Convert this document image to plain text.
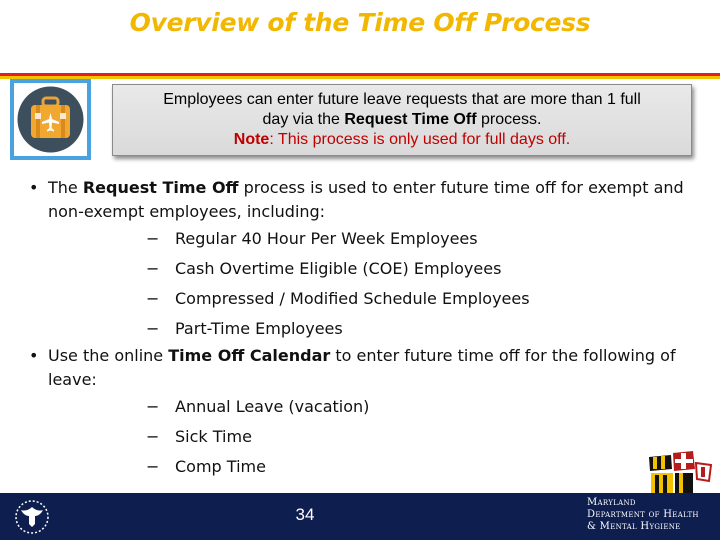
Overview of the Time Off Process
Employees can enter future leave requests that are more than 1 full
day via the Request Time Off process.
Note: This process is only used for full days off.
• The Request Time Off process is used to enter future time off for exempt and
non-exempt employees, including:
− Regular 40 Hour Per Week Employees
− Cash Overtime Eligible (COE) Employees
− Compressed / Modified Schedule Employees
− Part-Time Employees
• Use the online Time Off Calendar to enter future time off for the following of
leave:
− Annual Leave (vacation)
− Sick Time
− Comp Time
34
Maryland
Department of Health
& Mental Hygiene
